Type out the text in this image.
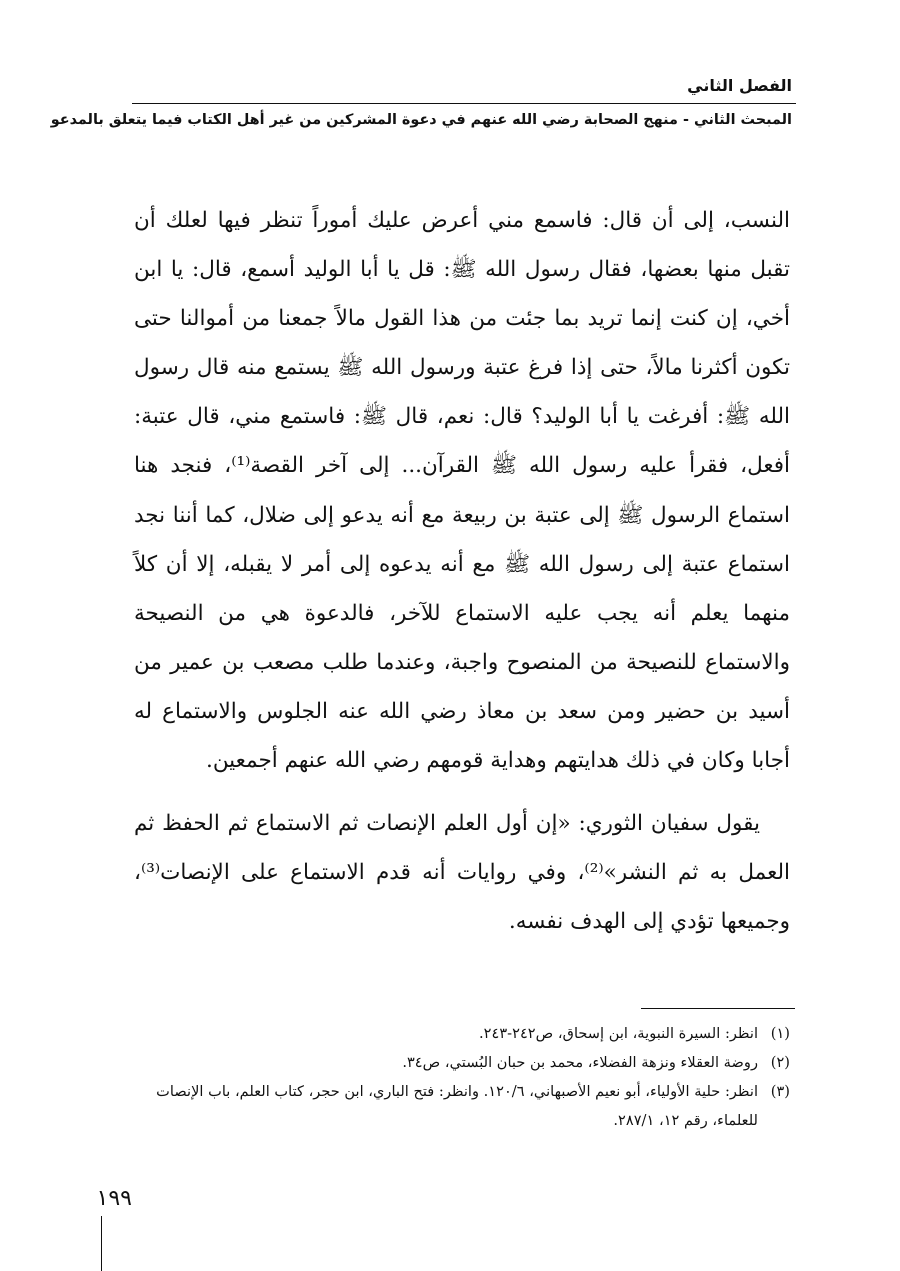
الفصل الثاني
المبحث الثاني - منهج الصحابة رضي الله عنهم في دعوة المشركين من غير أهل الكتاب فيما يتعلق بالمدعو

النسب، إلى أن قال: فاسمع مني أعرض عليك أموراً تنظر فيها لعلك أن تقبل منها بعضها، فقال رسول الله ﷺ: قل يا أبا الوليد أسمع، قال: يا ابن أخي، إن كنت إنما تريد بما جئت من هذا القول مالاً جمعنا من أموالنا حتى تكون أكثرنا مالاً، حتى إذا فرغ عتبة ورسول الله ﷺ يستمع منه قال رسول الله ﷺ: أفرغت يا أبا الوليد؟ قال: نعم، قال ﷺ: فاستمع مني، قال عتبة: أفعل، فقرأ عليه رسول الله ﷺ القرآن... إلى آخر القصة⁽¹⁾، فنجد هنا استماع الرسول ﷺ إلى عتبة بن ربيعة مع أنه يدعو إلى ضلال، كما أننا نجد استماع عتبة إلى رسول الله ﷺ مع أنه يدعوه إلى أمر لا يقبله، إلا أن كلاً منهما يعلم أنه يجب عليه الاستماع للآخر، فالدعوة هي من النصيحة والاستماع للنصيحة من المنصوح واجبة، وعندما طلب مصعب بن عمير من أسيد بن حضير ومن سعد بن معاذ رضي الله عنه الجلوس والاستماع له أجابا وكان في ذلك هدايتهم وهداية قومهم رضي الله عنهم أجمعين.

يقول سفيان الثوري: «إن أول العلم الإنصات ثم الاستماع ثم الحفظ ثم العمل به ثم النشر»⁽²⁾، وفي روايات أنه قدم الاستماع على الإنصات⁽³⁾، وجميعها تؤدي إلى الهدف نفسه.

(١)
انظر: السيرة النبوية، ابن إسحاق، ص٢٤٢-٢٤٣.
(٢)
روضة العقلاء ونزهة الفضلاء، محمد بن حبان البُستي، ص٣٤.
(٣)
انظر: حلية الأولياء، أبو نعيم الأصبهاني، ١٢٠/٦. وانظر: فتح الباري، ابن حجر، كتاب العلم، باب الإنصات للعلماء، رقم ١٢، ٢٨٧/١.
١٩٩
